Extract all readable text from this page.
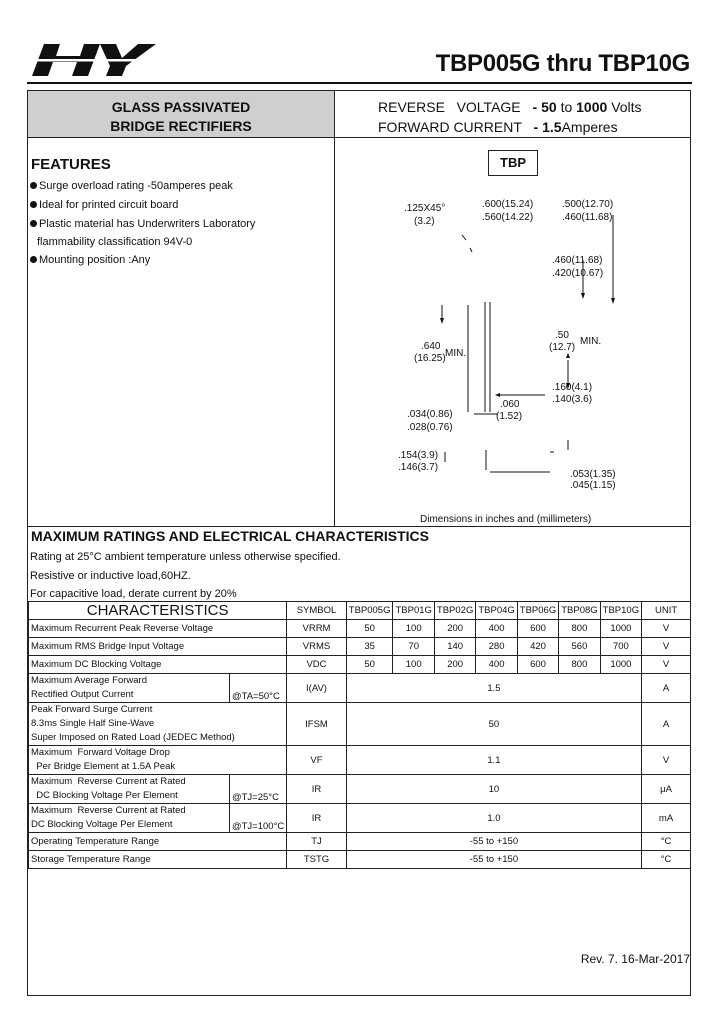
TBP005G thru TBP10G
GLASS PASSIVATED
BRIDGE RECTIFIERS
REVERSE   VOLTAGE - 50 to 1000 Volts
FORWARD CURRENT - 1.5Amperes
FEATURES
Surge overload rating -50amperes peak
Ideal for printed circuit board
Plastic material has Underwriters Laboratory
flammability classification 94V-0
Mounting position :Any
TBP
.125X45°
(3.2)
.600(15.24)
.560(14.22)
.500(12.70)
.460(11.68)
.460(11.68)
.420(10.67)
.640
(16.25) MIN.
.50
(12.7)
MIN.
.160(4.1)
.140(3.6)
.060
(1.52)
.034(0.86)
.028(0.76)
.154(3.9)
.146(3.7)
.053(1.35)
.045(1.15)
Dimensions in inches and (millimeters)
MAXIMUM RATINGS AND ELECTRICAL CHARACTERISTICS
Rating at 25°C ambient temperature unless otherwise specified.
Resistive or inductive load,60HZ.
For capacitive load, derate current by 20%
CHARACTERISTICS		SYMBOL	TBP005G	TBP01G	TBP02G	TBP04G	TBP06G	TBP08G	TBP10G	UNIT
Maximum Recurrent Peak Reverse Voltage		VRRM	50	100	200	400	600	800	1000	V
Maximum RMS Bridge Input Voltage		VRMS	35	70	140	280	420	560	700	V
Maximum DC Blocking Voltage		VDC	50	100	200	400	600	800	1000	V

Maximum Average Forward
Rectified Output Current	@TA=50°C	I(AV)	1.5							A

Peak Forward Surge Current
8.3ms Single Half Sine-Wave
Super Imposed on Rated Load (JEDEC Method)		IFSM	50							A

Maximum  Forward Voltage Drop
Per Bridge Element at 1.5A Peak		VF	1.1							V

Maximum  Reverse Current at Rated
DC Blocking Voltage Per Element	@TJ=25°C	IR	10							μA

Maximum  Reverse Current at Rated
DC Blocking Voltage Per Element	@TJ=100°C	IR	1.0							mA
Operating Temperature Range		TJ	-55 to +150							°C
Storage Temperature Range		TSTG	-55 to +150							°C
Rev. 7. 16-Mar-2017
